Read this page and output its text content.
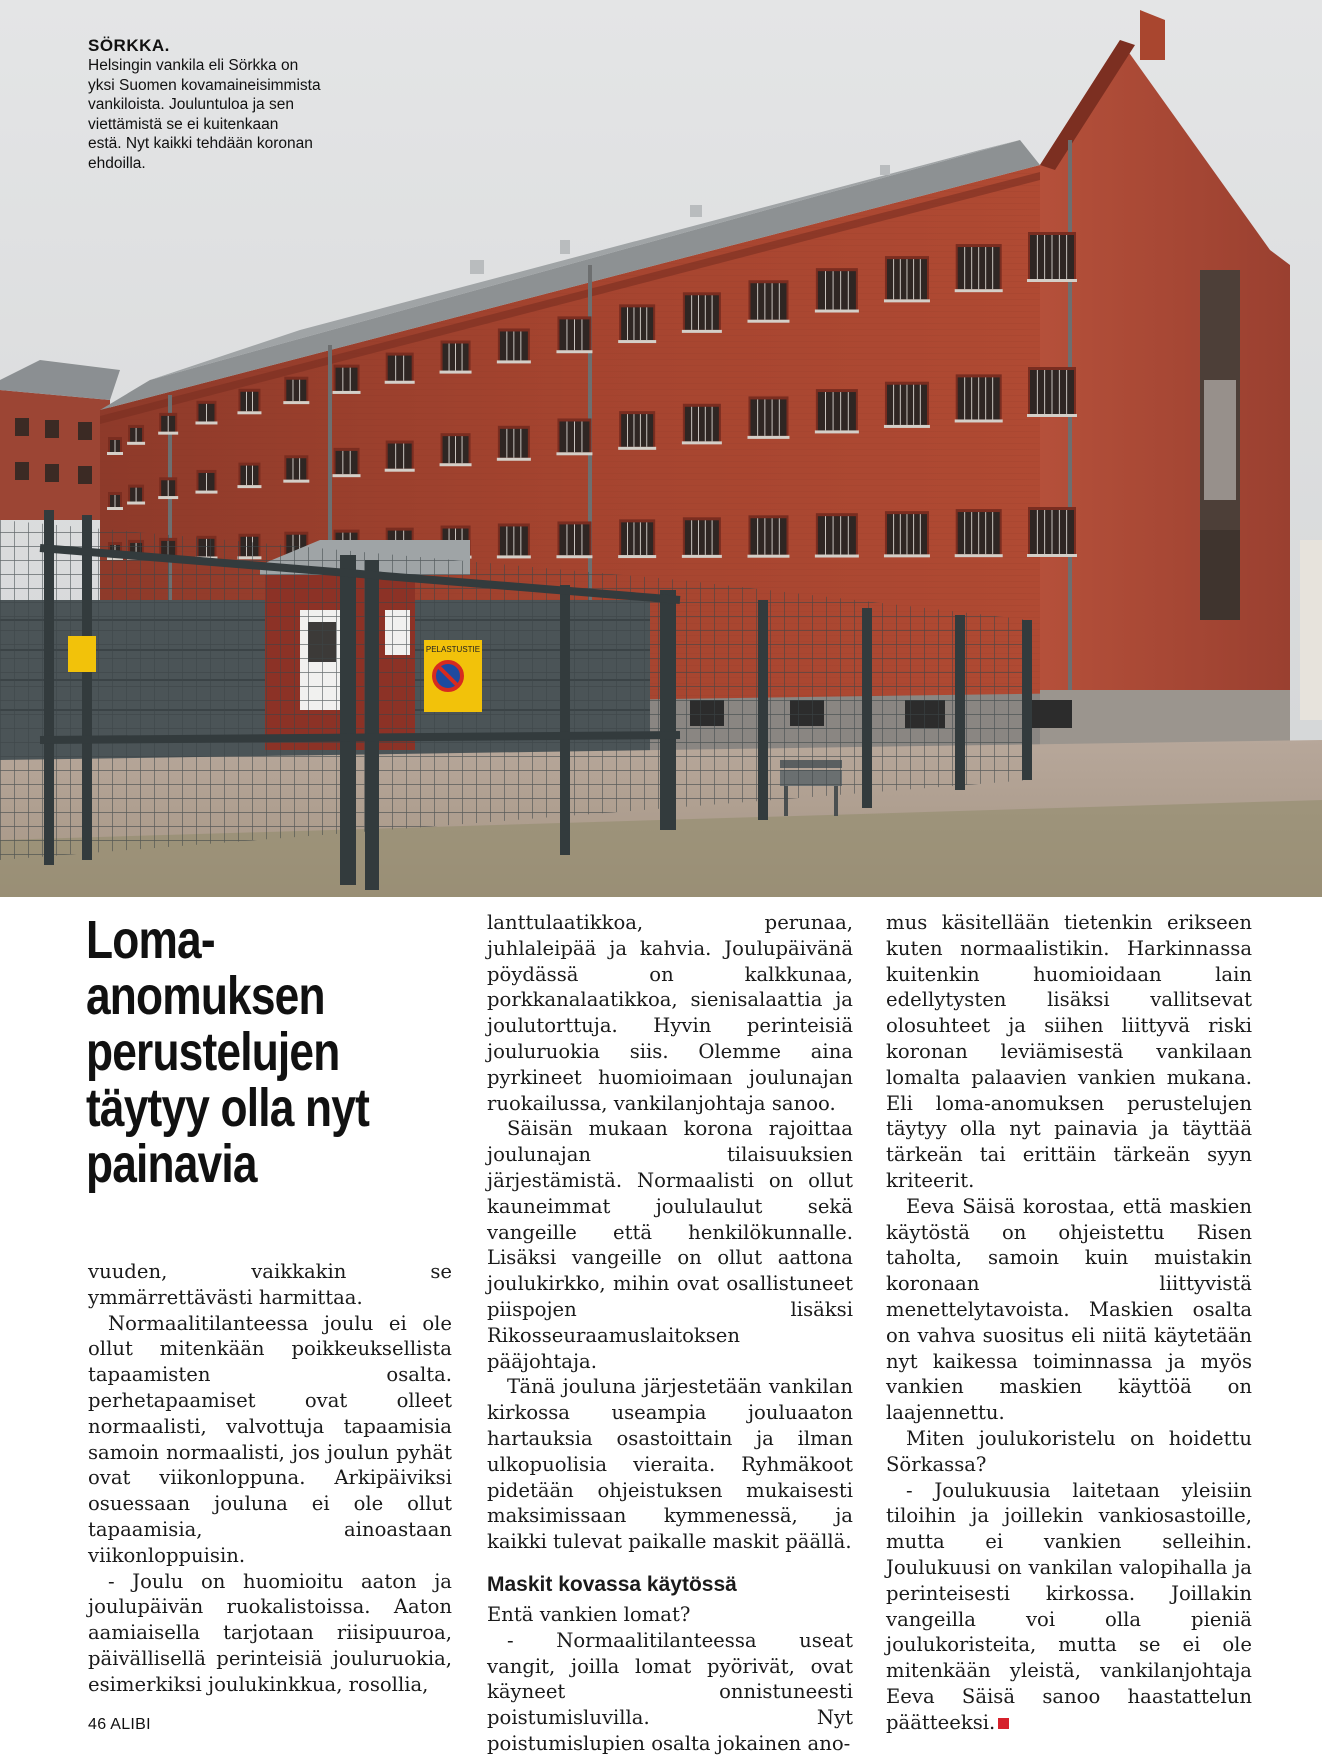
PELASTUSTIE
SÖRKKA.
Helsingin vankila eli Sörkka on
yksi Suomen kovamaineisimmista
vankiloista. Jouluntuloa ja sen
viettämistä se ei kuitenkaan
estä. Nyt kaikki tehdään koronan
ehdoilla.
Loma-
anomuksen
perustelujen
täytyy olla nyt
painavia

vuuden, vaikkakin se ymmärrettävästi harmittaa.

Normaalitilanteessa joulu ei ole ollut mitenkään poikkeuksellista tapaamisten osalta. perhetapaamiset ovat olleet normaalisti, valvottuja tapaamisia samoin normaalisti, jos joulun pyhät ovat viikonloppuna. Arkipäiviksi osuessaan jouluna ei ole ollut tapaamisia, ainoastaan viikonloppuisin.

- Joulu on huomioitu aaton ja joulupäivän ruokalistoissa. Aaton aamiaisella tarjotaan riisipuuroa, päivällisellä perinteisiä jouluruokia, esimerkiksi joulukinkkua, rosollia,

lanttulaatikkoa, perunaa, juhlaleipää ja kahvia. Joulupäivänä pöydässä on kalkkunaa, porkkanalaatikkoa, sienisalaattia ja joulutorttuja. Hyvin perinteisiä jouluruokia siis. Olemme aina pyrkineet huomioimaan joulunajan ruokailussa, vankilanjohtaja sanoo.

Säisän mukaan korona rajoittaa joulunajan tilaisuuksien järjestämistä. Normaalisti on ollut kauneimmat joululaulut sekä vangeille että henkilökunnalle. Lisäksi vangeille on ollut aattona joulukirkko, mihin ovat osallistuneet piispojen lisäksi Rikosseuraamuslaitoksen pääjohtaja.

Tänä jouluna järjestetään vankilan kirkossa useampia jouluaaton hartauksia osastoittain ja ilman ulkopuolisia vieraita. Ryhmäkoot pidetään ohjeistuksen mukaisesti maksimissaan kymmenessä, ja kaikki tulevat paikalle maskit päällä.

Maskit kovassa käytössä

Entä vankien lomat?

- Normaalitilanteessa useat vangit, joilla lomat pyörivät, ovat käyneet onnistuneesti poistumisluvilla. Nyt poistumislupien osalta jokainen ano-

mus käsitellään tietenkin erikseen kuten normaalistikin. Harkinnassa kuitenkin huomioidaan lain edellytysten lisäksi vallitsevat olosuhteet ja siihen liittyvä riski koronan leviämisestä vankilaan lomalta palaavien vankien mukana. Eli loma-anomuksen perustelujen täytyy olla nyt painavia ja täyttää tärkeän tai erittäin tärkeän syyn kriteerit.

Eeva Säisä korostaa, että maskien käytöstä on ohjeistettu Risen taholta, samoin kuin muistakin koronaan liittyvistä menettelytavoista. Maskien osalta on vahva suositus eli niitä käytetään nyt kaikessa toiminnassa ja myös vankien maskien käyttöä on laajennettu.

Miten joulukoristelu on hoidettu Sörkassa?

- Joulukuusia laitetaan yleisiin tiloihin ja joillekin vankiosastoille, mutta ei vankien selleihin. Joulukuusi on vankilan valopihalla ja perinteisesti kirkossa. Joillakin vangeilla voi olla pieniä joulukoristeita, mutta se ei ole mitenkään yleistä, vankilanjohtaja Eeva Säisä sanoo haastattelun päätteeksi.

46 ALIBI
